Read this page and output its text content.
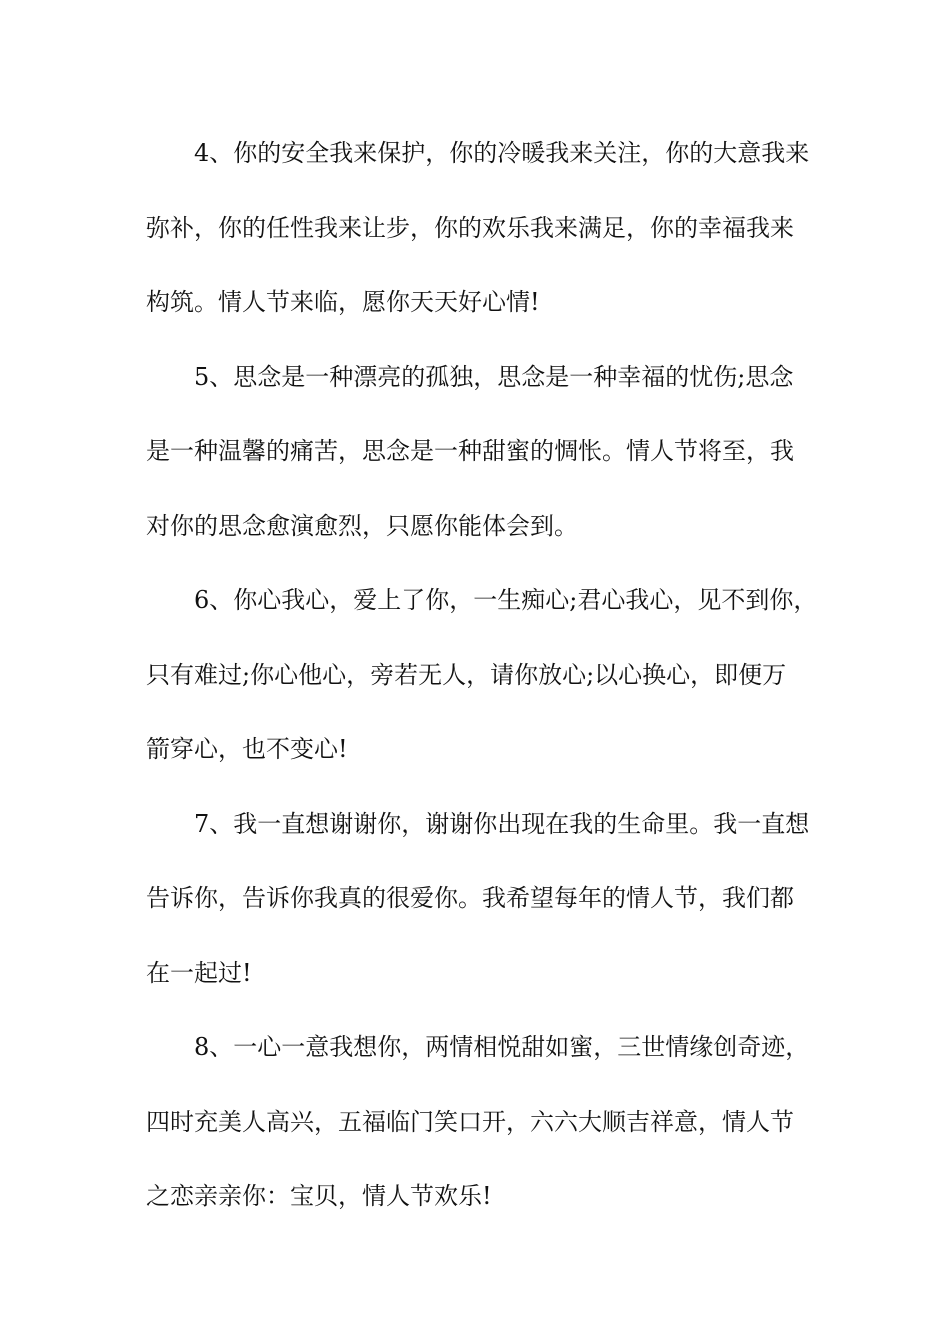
4、你的安全我来保护，你的冷暖我来关注，你的大意我来
弥补，你的任性我来让步，你的欢乐我来满足，你的幸福我来
构筑。情人节来临，愿你天天好心情!
5、思念是一种漂亮的孤独，思念是一种幸福的忧伤;思念
是一种温馨的痛苦，思念是一种甜蜜的惆怅。情人节将至，我
对你的思念愈演愈烈，只愿你能体会到。
6、你心我心，爱上了你，一生痴心;君心我心，见不到你，
只有难过;你心他心，旁若无人，请你放心;以心换心，即便万
箭穿心，也不变心!
7、我一直想谢谢你，谢谢你出现在我的生命里。我一直想
告诉你，告诉你我真的很爱你。我希望每年的情人节，我们都
在一起过!
8、一心一意我想你，两情相悦甜如蜜，三世情缘创奇迹，
四时充美人高兴，五福临门笑口开，六六大顺吉祥意，情人节
之恋亲亲你：宝贝，情人节欢乐!
